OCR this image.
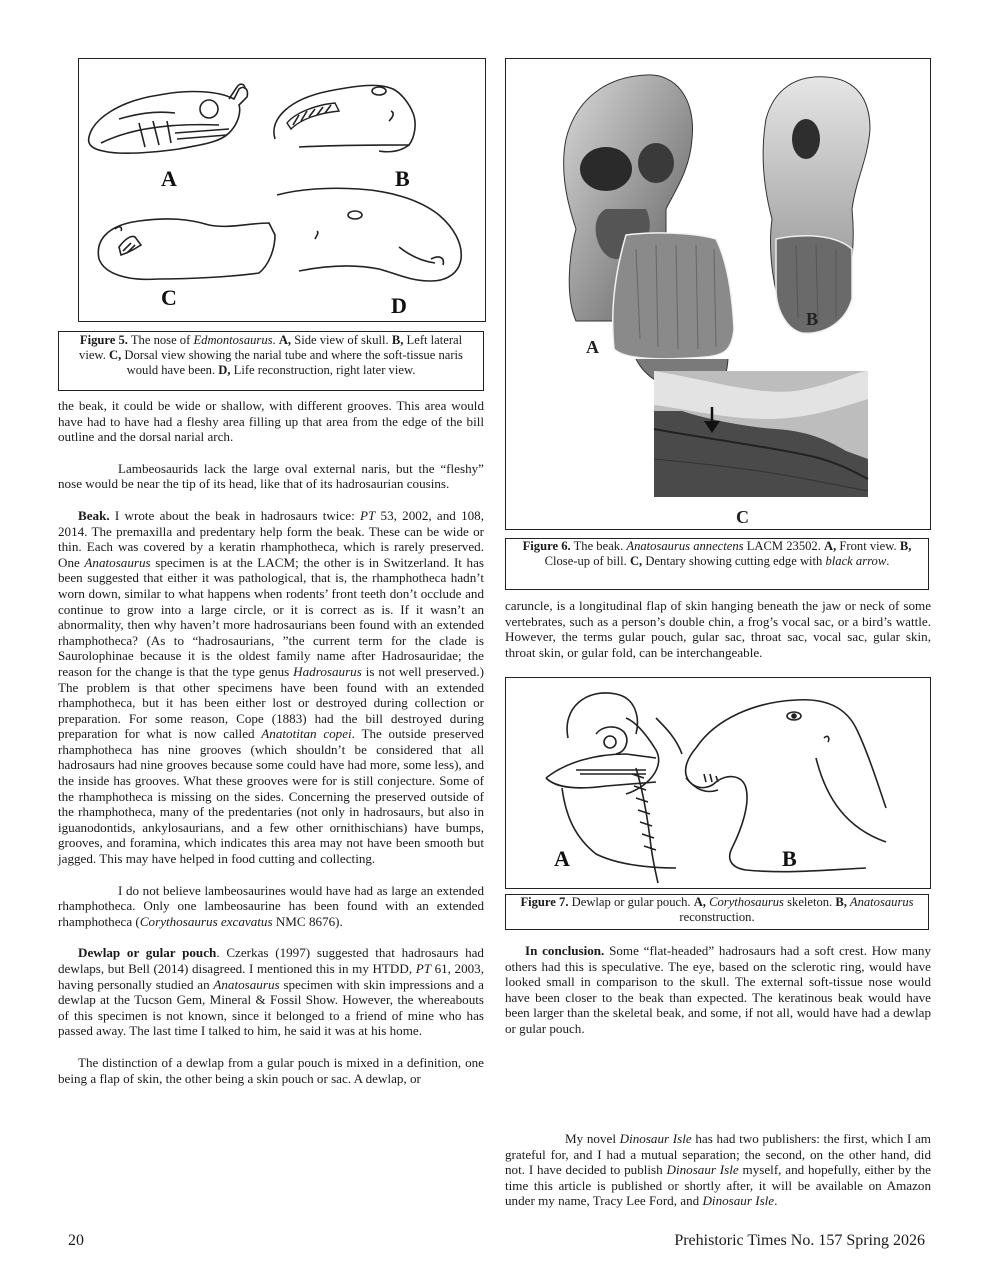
A	B
C	D
Figure 5. The nose of Edmontosaurus. A, Side view of skull. B, Left lateral view. C, Dorsal view showing the narial tube and where the soft-tissue naris would have been. D, Life reconstruction, right later view.

the beak, it could be wide or shallow, with different grooves. This area would have had to have had a fleshy area filling up that area from the edge of the bill outline and the dorsal narial arch.

Lambeosaurids lack the large oval external naris, but the “fleshy” nose would be near the tip of its head, like that of its hadrosaurian cousins.

Beak. I wrote about the beak in hadrosaurs twice: PT 53, 2002, and 108, 2014. The premaxilla and predentary help form the beak. These can be wide or thin. Each was covered by a keratin rhamphotheca, which is rarely preserved. One Anatosaurus specimen is at the LACM; the other is in Switzerland. It has been suggested that either it was pathological, that is, the rhamphotheca hadn’t worn down, similar to what happens when rodents’ front teeth don’t occlude and continue to grow into a large circle, or it is correct as is. If it wasn’t an abnormality, then why haven’t more hadrosaurians been found with an extended rhamphotheca? (As to “hadrosaurians, ”the current term for the clade is Saurolophinae because it is the oldest family name after Hadrosauridae; the reason for the change is that the type genus Hadrosaurus is not well preserved.) The problem is that other specimens have been found with an extended rhamphotheca, but it has been either lost or destroyed during collection or preparation. For some reason, Cope (1883) had the bill destroyed during preparation for what is now called Anatotitan copei. The outside preserved rhamphotheca has nine grooves (which shouldn’t be considered that all hadrosaurs had nine grooves because some could have had more, some less), and the inside has grooves. What these grooves were for is still conjecture. Some of the rhamphotheca is missing on the sides. Concerning the preserved outside of the rhamphotheca, many of the predentaries (not only in hadrosaurs, but also in iguanodontids, ankylosaurians, and a few other ornithischians) have bumps, grooves, and foramina, which indicates this area may not have been smooth but jagged. This may have helped in food cutting and collecting.

I do not believe lambeosaurines would have had as large an extended rhamphotheca. Only one lambeosaurine has been found with an extended rhamphotheca (Corythosaurus excavatus NMC 8676).

Dewlap or gular pouch. Czerkas (1997) suggested that hadrosaurs had dewlaps, but Bell (2014) disagreed. I mentioned this in my HTDD, PT 61, 2003, having personally studied an Anatosaurus specimen with skin impressions and a dewlap at the Tucson Gem, Mineral & Fossil Show. However, the whereabouts of this specimen is not known, since it belonged to a friend of mine who has passed away. The last time I talked to him, he said it was at his home.

The distinction of a dewlap from a gular pouch is mixed in a definition, one being a flap of skin, the other being a skin pouch or sac. A dewlap, or

A
B
C
Figure 6. The beak. Anatosaurus annectens LACM 23502. A, Front view. B, Close-up of bill. C, Dentary showing cutting edge with black arrow.

caruncle, is a longitudinal flap of skin hanging beneath the jaw or neck of some vertebrates, such as a person’s double chin, a frog’s vocal sac, or a bird’s wattle. However, the terms gular pouch, gular sac, throat sac, vocal sac, gular skin, throat skin, or gular fold, can be interchangeable.

A	B
Figure 7. Dewlap or gular pouch. A, Corythosaurus skeleton. B, Anatosaurus reconstruction.

In conclusion. Some “flat-headed” hadrosaurs had a soft crest. How many others had this is speculative. The eye, based on the sclerotic ring, would have looked small in comparison to the skull. The external soft-tissue nose would have been closer to the beak than expected. The keratinous beak would have been larger than the skeletal beak, and some, if not all, would have had a dewlap or gular pouch.

My novel Dinosaur Isle has had two publishers: the first, which I am grateful for, and I had a mutual separation; the second, on the other hand, did not. I have decided to publish Dinosaur Isle myself, and hopefully, either by the time this article is published or shortly after, it will be available on Amazon under my name, Tracy Lee Ford, and Dinosaur Isle.

20	Prehistoric Times No. 157 Spring 2026
